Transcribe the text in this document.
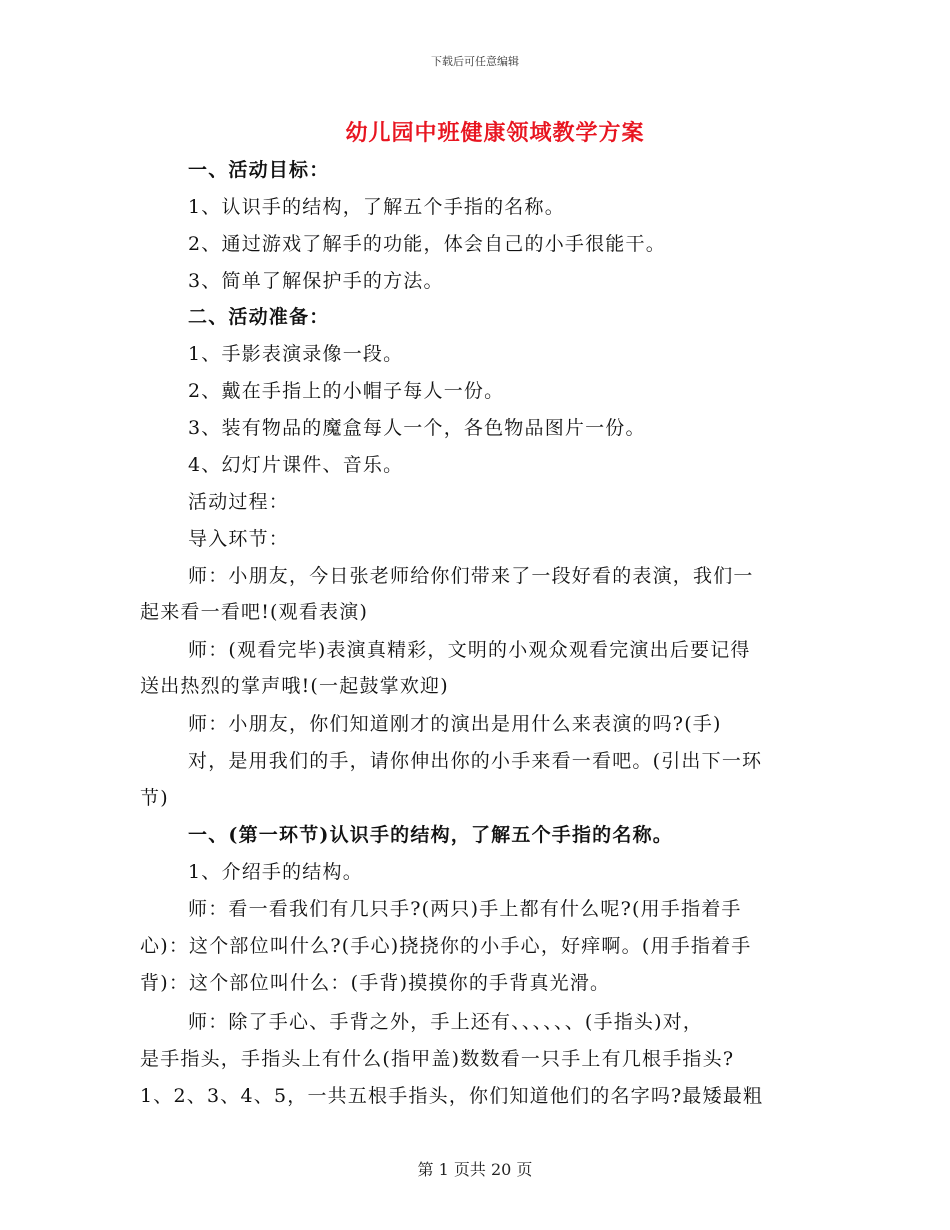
下载后可任意编辑
幼儿园中班健康领域教学方案
一、活动目标：
1、认识手的结构，了解五个手指的名称。
2、通过游戏了解手的功能，体会自己的小手很能干。
3、简单了解保护手的方法。
二、活动准备：
1、手影表演录像一段。
2、戴在手指上的小帽子每人一份。
3、装有物品的魔盒每人一个，各色物品图片一份。
4、幻灯片课件、音乐。
活动过程：
导入环节：
师：小朋友，今日张老师给你们带来了一段好看的表演，我们一
起来看一看吧!(观看表演)
师：(观看完毕)表演真精彩，文明的小观众观看完演出后要记得
送出热烈的掌声哦!(一起鼓掌欢迎)
师：小朋友，你们知道刚才的演出是用什么来表演的吗?(手)
对，是用我们的手，请你伸出你的小手来看一看吧。(引出下一环
节)
一、(第一环节)认识手的结构，了解五个手指的名称。
1、介绍手的结构。
师：看一看我们有几只手?(两只)手上都有什么呢?(用手指着手
心)：这个部位叫什么?(手心)挠挠你的小手心，好痒啊。(用手指着手
背)：这个部位叫什么：(手背)摸摸你的手背真光滑。
师：除了手心、手背之外，手上还有、、、、、、(手指头)对，
是手指头，手指头上有什么(指甲盖)数数看一只手上有几根手指头?
1、2、3、4、5，一共五根手指头，你们知道他们的名字吗?最矮最粗
第 1 页共 20 页
